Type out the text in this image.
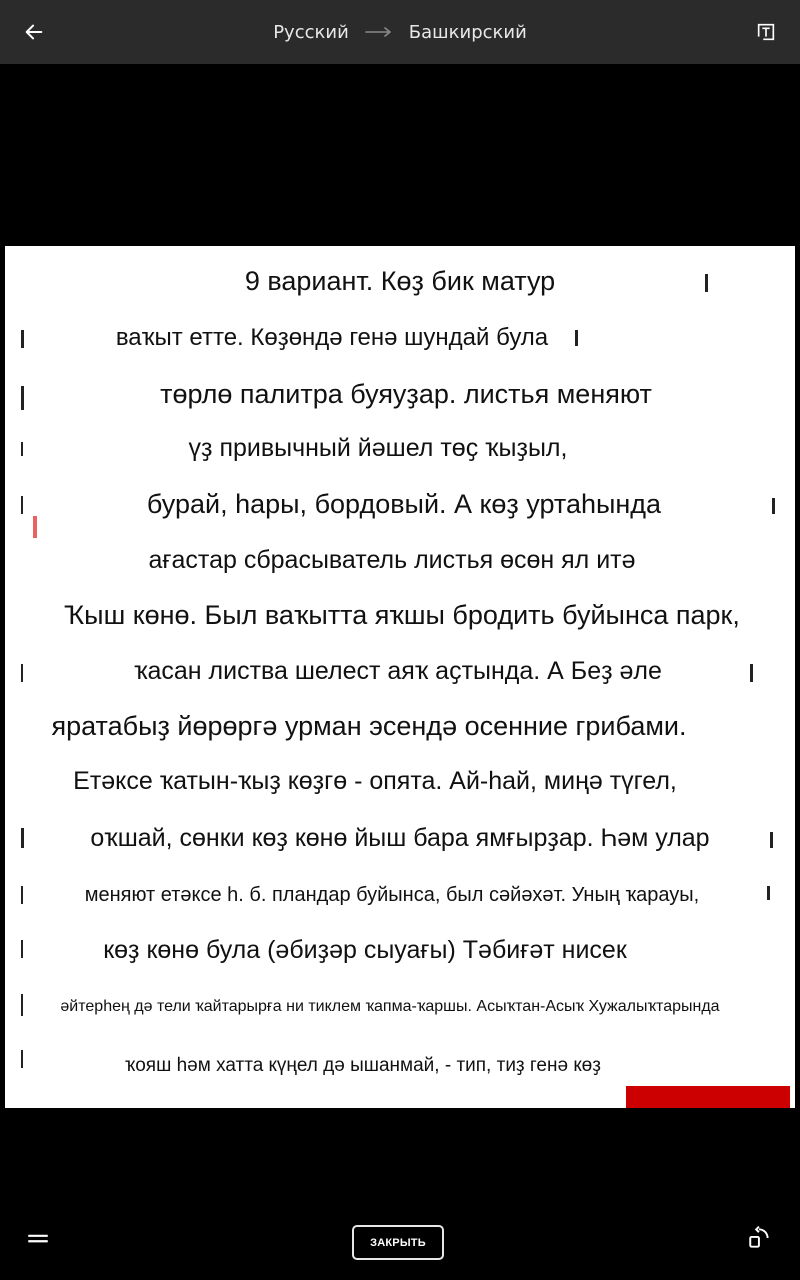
Русский	Башкирский
9 вариант. Көҙ бик матур
ваҡыт етте. Көҙөндә генә шундай була
төрлө палитра буяуҙар. листья меняют
үҙ привычный йәшел төҫ ҡыҙыл,
бурай, һары, бордовый. А көҙ уртаһында
ағастар сбрасыватель листья өсөн ял итә
Ҡыш көнө. Был ваҡытта яҡшы бродить буйынса парк,
ҡасан листва шелест аяҡ аҫтында. А Беҙ әле
яратабыҙ йөрөргә урман эсендә осенние грибами.
Етәксе ҡатын-ҡыҙ көҙгө - опята. Ай-һай, миңә түгел,
оҡшай, сөнки көҙ көнө йыш бара ямғырҙар. Һәм улар
меняют етәксе һ. б. пландар буйынса, был сәйәхәт. Уның ҡарауы,
көҙ көнө була (әбиҙәр сыуағы) Тәбиғәт нисек
әйтерһең дә тели ҡайтарырға ни тиклем ҡапма-ҡаршы. Асыҡтан-Асыҡ Хужалыҡтарында
ҡояш һәм хатта күңел дә ышанмай, - тип, тиҙ генә көҙ
ЗАКРЫТЬ
